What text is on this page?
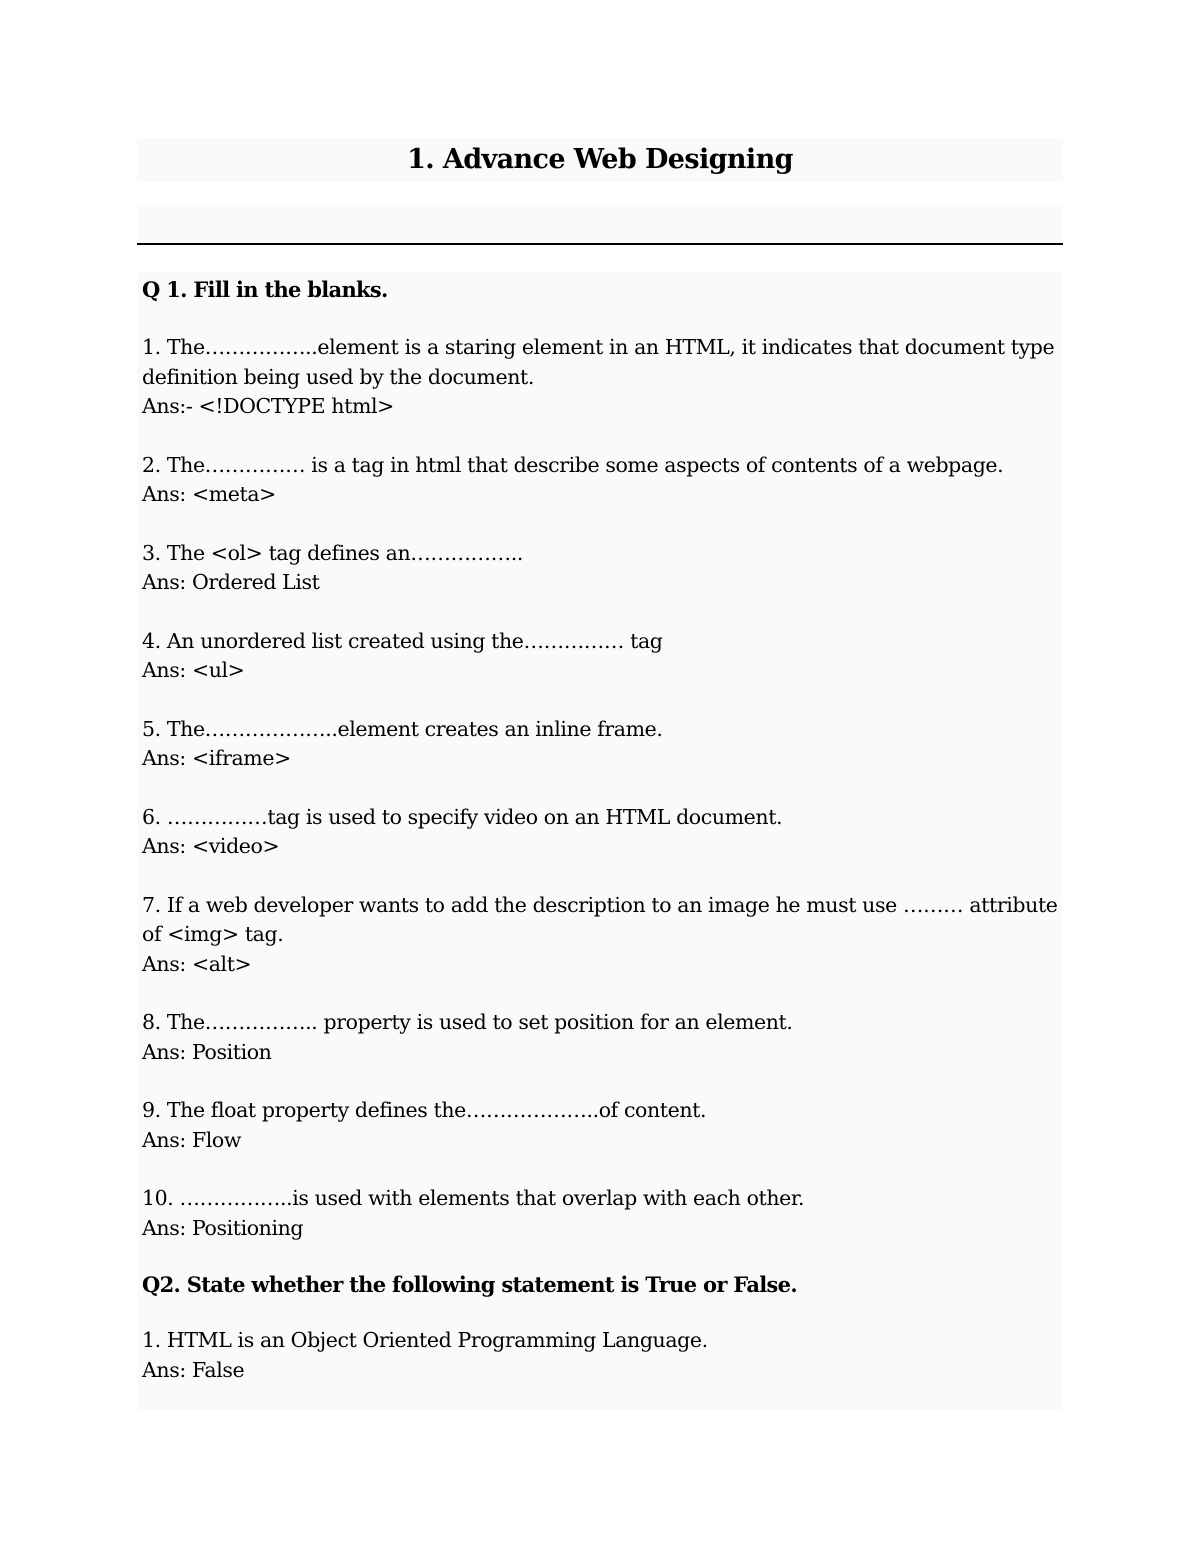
1. Advance Web Designing

Q 1. Fill in the blanks.

1. The……………..element is a staring element in an HTML, it indicates that document type definition being used by the document.

Ans:- <!DOCTYPE html>

2. The…………… is a tag in html that describe some aspects of contents of a webpage.

Ans: <meta>

3. The <ol> tag defines an……………..

Ans: Ordered List

4. An unordered list created using the…………… tag

Ans: <ul>

5. The………………..element creates an inline frame.

Ans: <iframe>

6. ……………tag is used to specify video on an HTML document.

Ans: <video>

7. If a web developer wants to add the description to an image he must use ……… attribute of <img> tag.

Ans: <alt>

8. The…………….. property is used to set position for an element.

Ans: Position

9. The float property defines the………………..of content.

Ans: Flow

10. ……………..is used with elements that overlap with each other.

Ans: Positioning

Q2. State whether the following statement is True or False.

1. HTML is an Object Oriented Programming Language.

Ans: False
